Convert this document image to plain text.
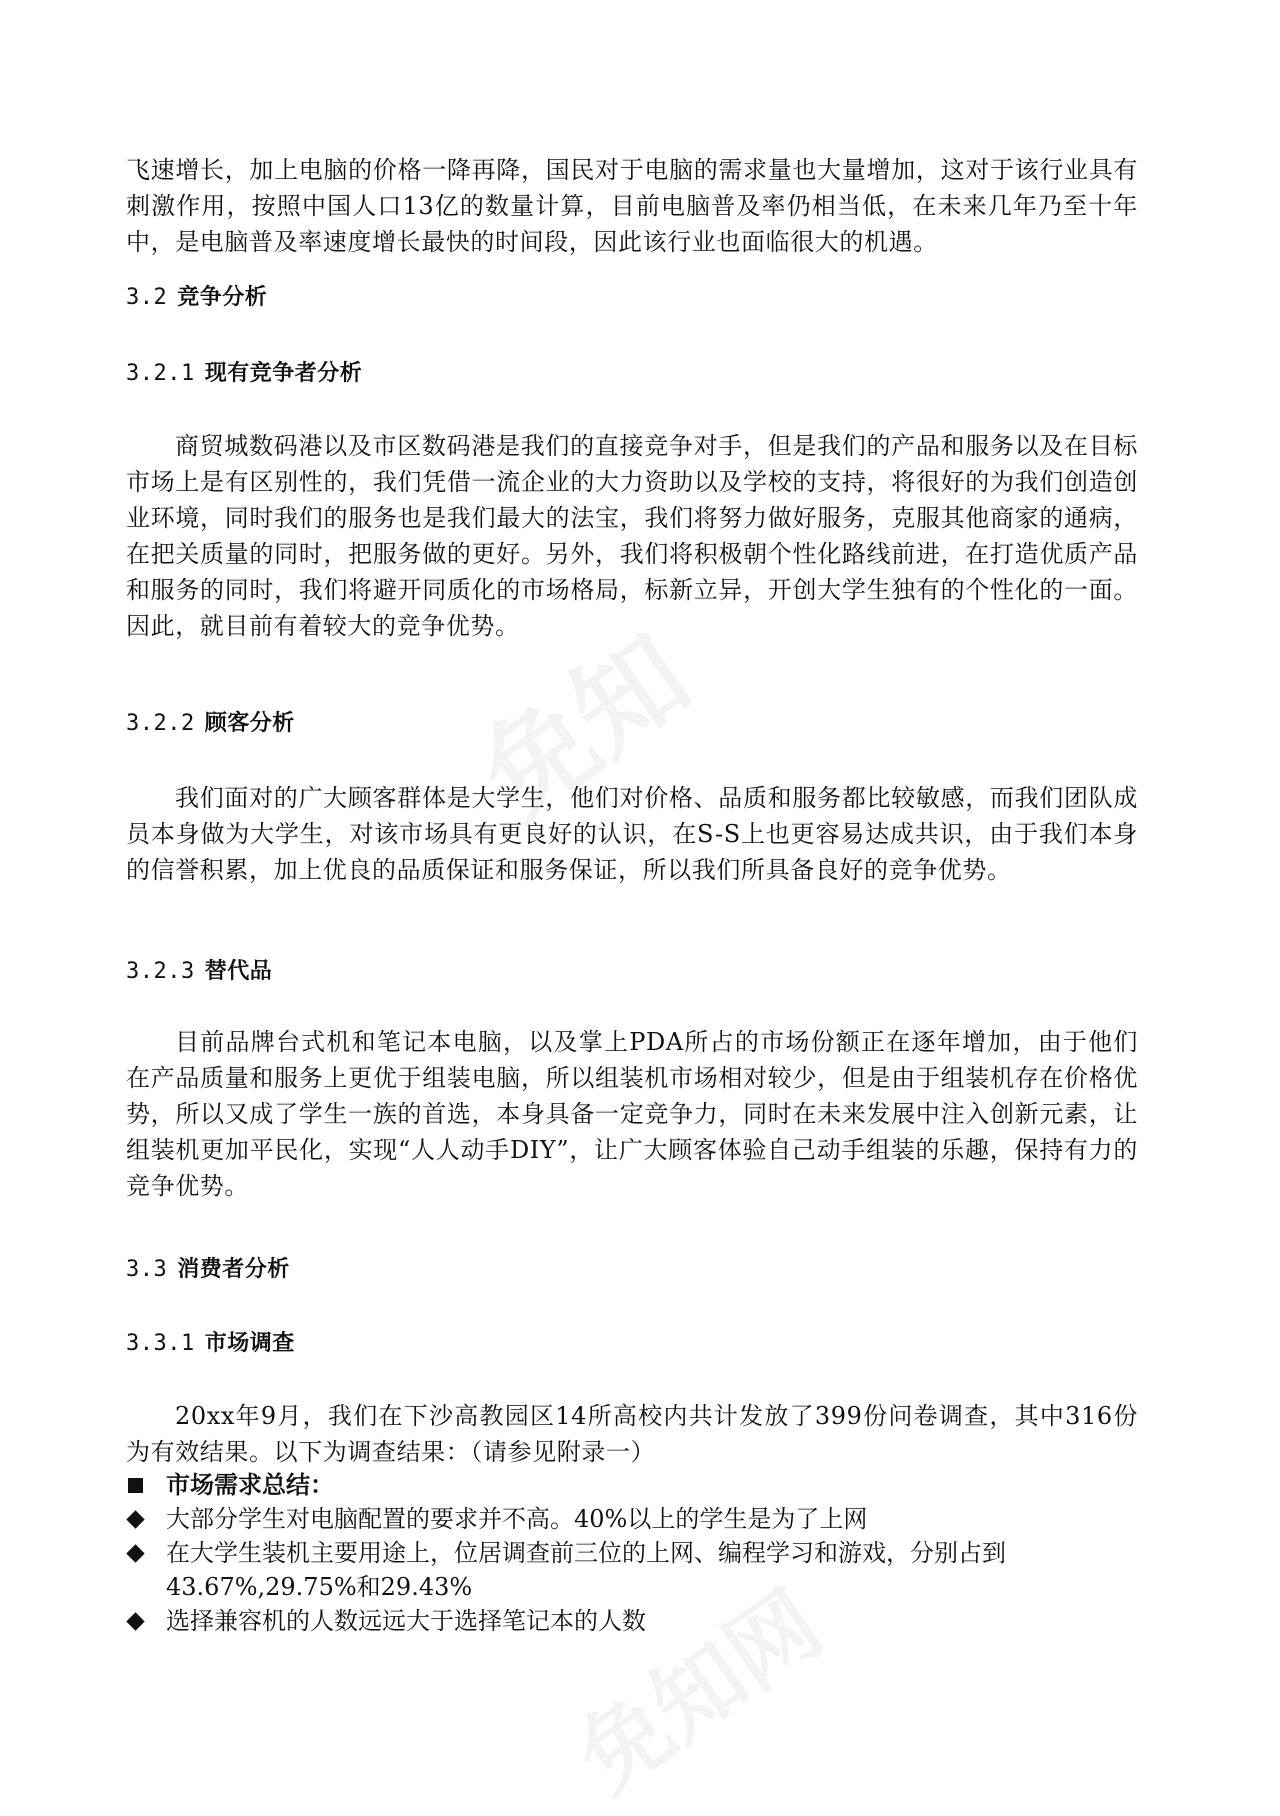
免知
免知网
飞速增长，加上电脑的价格一降再降，国民对于电脑的需求量也大量增加，这对于该行业具有刺激作用，按照中国人口13亿的数量计算，目前电脑普及率仍相当低，在未来几年乃至十年中，是电脑普及率速度增长最快的时间段，因此该行业也面临很大的机遇。
3.2 竞争分析
3.2.1 现有竞争者分析
商贸城数码港以及市区数码港是我们的直接竞争对手，但是我们的产品和服务以及在目标市场上是有区别性的，我们凭借一流企业的大力资助以及学校的支持，将很好的为我们创造创业环境，同时我们的服务也是我们最大的法宝，我们将努力做好服务，克服其他商家的通病，在把关质量的同时，把服务做的更好。另外，我们将积极朝个性化路线前进，在打造优质产品和服务的同时，我们将避开同质化的市场格局，标新立异，开创大学生独有的个性化的一面。因此，就目前有着较大的竞争优势。
3.2.2 顾客分析
我们面对的广大顾客群体是大学生，他们对价格、品质和服务都比较敏感，而我们团队成员本身做为大学生，对该市场具有更良好的认识，在S-S上也更容易达成共识，由于我们本身的信誉积累，加上优良的品质保证和服务保证，所以我们所具备良好的竞争优势。
3.2.3 替代品
目前品牌台式机和笔记本电脑，以及掌上PDA所占的市场份额正在逐年增加，由于他们在产品质量和服务上更优于组装电脑，所以组装机市场相对较少，但是由于组装机存在价格优势，所以又成了学生一族的首选，本身具备一定竞争力，同时在未来发展中注入创新元素，让组装机更加平民化，实现“人人动手DIY”，让广大顾客体验自己动手组装的乐趣，保持有力的竞争优势。
3.3 消费者分析
3.3.1 市场调查
20xx年9月，我们在下沙高教园区14所高校内共计发放了399份问卷调查，其中316份为有效结果。以下为调查结果：（请参见附录一）
市场需求总结：
大部分学生对电脑配置的要求并不高。40%以上的学生是为了上网
在大学生装机主要用途上，位居调查前三位的上网、编程学习和游戏，分别占到43.67%,29.75%和29.43%
选择兼容机的人数远远大于选择笔记本的人数
